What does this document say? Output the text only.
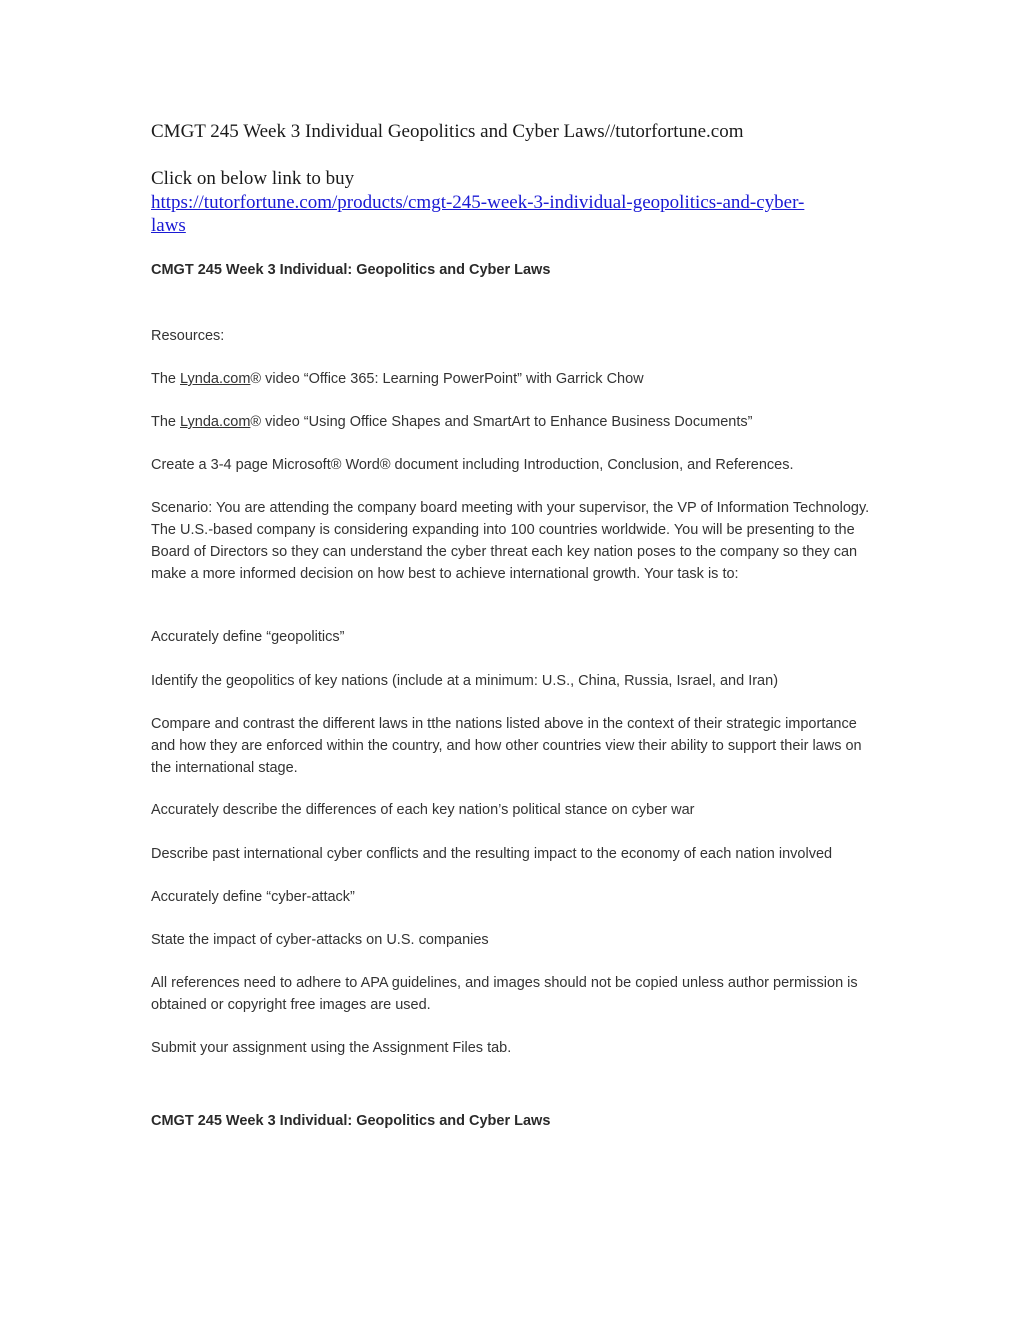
CMGT 245 Week 3 Individual Geopolitics and Cyber Laws//tutorfortune.com

Click on below link to buy

https://tutorfortune.com/products/cmgt-245-week-3-individual-geopolitics-and-cyber-
laws

CMGT 245 Week 3 Individual: Geopolitics and Cyber Laws

Resources:

The Lynda.com® video “Office 365: Learning PowerPoint” with Garrick Chow

The Lynda.com® video “Using Office Shapes and SmartArt to Enhance Business Documents”

Create a 3-4 page Microsoft® Word® document including Introduction, Conclusion, and References.

Scenario: You are attending the company board meeting with your supervisor, the VP of Information Technology. The U.S.-based company is considering expanding into 100 countries worldwide. You will be presenting to the Board of Directors so they can understand the cyber threat each key nation poses to the company so they can make a more informed decision on how best to achieve international growth. Your task is to:

Accurately define “geopolitics”

Identify the geopolitics of key nations (include at a minimum: U.S., China, Russia, Israel, and Iran)

Compare and contrast the different laws in tthe nations listed above in the context of their strategic importance and how they are enforced within the country, and how other countries view their ability to support their laws on the international stage.

Accurately describe the differences of each key nation’s political stance on cyber war

Describe past international cyber conflicts and the resulting impact to the economy of each nation involved

Accurately define “cyber-attack”

State the impact of cyber-attacks on U.S. companies

All references need to adhere to APA guidelines, and images should not be copied unless author permission is obtained or copyright free images are used.

Submit your assignment using the Assignment Files tab.

CMGT 245 Week 3 Individual: Geopolitics and Cyber Laws
